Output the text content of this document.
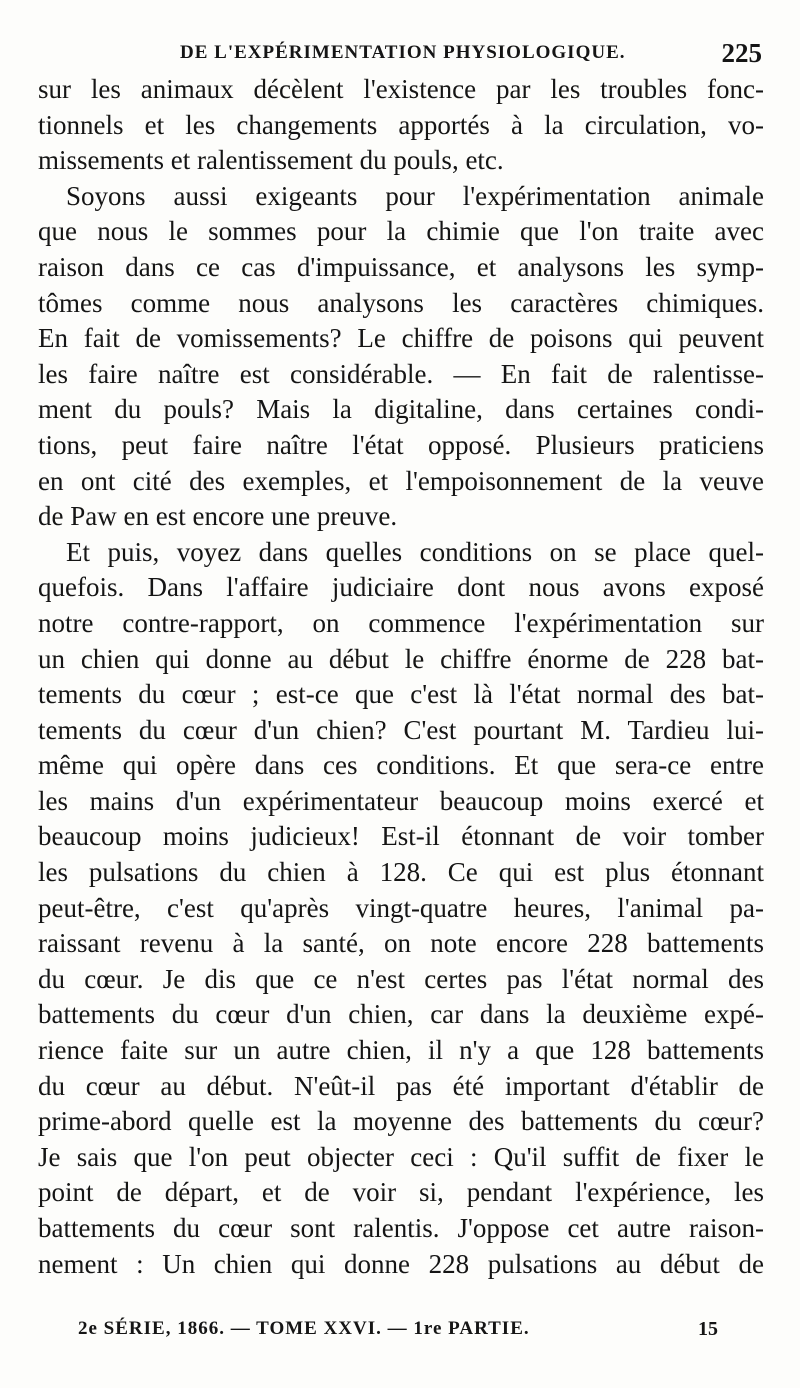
DE L'EXPÉRIMENTATION PHYSIOLOGIQUE.	225
sur les animaux décèlent l'existence par les troubles fonc-
tionnels et les changements apportés à la circulation, vo-
missements et ralentissement du pouls, etc.
Soyons aussi exigeants pour l'expérimentation animale
que nous le sommes pour la chimie que l'on traite avec
raison dans ce cas d'impuissance, et analysons les symp-
tômes comme nous analysons les caractères chimiques.
En fait de vomissements? Le chiffre de poisons qui peuvent
les faire naître est considérable. — En fait de ralentisse-
ment du pouls? Mais la digitaline, dans certaines condi-
tions, peut faire naître l'état opposé. Plusieurs praticiens
en ont cité des exemples, et l'empoisonnement de la veuve
de Paw en est encore une preuve.
Et puis, voyez dans quelles conditions on se place quel-
quefois. Dans l'affaire judiciaire dont nous avons exposé
notre contre-rapport, on commence l'expérimentation sur
un chien qui donne au début le chiffre énorme de 228 bat-
tements du cœur ; est-ce que c'est là l'état normal des bat-
tements du cœur d'un chien? C'est pourtant M. Tardieu lui-
même qui opère dans ces conditions. Et que sera-ce entre
les mains d'un expérimentateur beaucoup moins exercé et
beaucoup moins judicieux! Est-il étonnant de voir tomber
les pulsations du chien à 128. Ce qui est plus étonnant
peut-être, c'est qu'après vingt-quatre heures, l'animal pa-
raissant revenu à la santé, on note encore 228 battements
du cœur. Je dis que ce n'est certes pas l'état normal des
battements du cœur d'un chien, car dans la deuxième expé-
rience faite sur un autre chien, il n'y a que 128 battements
du cœur au début. N'eût-il pas été important d'établir de
prime-abord quelle est la moyenne des battements du cœur?
Je sais que l'on peut objecter ceci : Qu'il suffit de fixer le
point de départ, et de voir si, pendant l'expérience, les
battements du cœur sont ralentis. J'oppose cet autre raison-
nement : Un chien qui donne 228 pulsations au début de
2e SÉRIE, 1866. — TOME XXVI. — 1re PARTIE.	15
